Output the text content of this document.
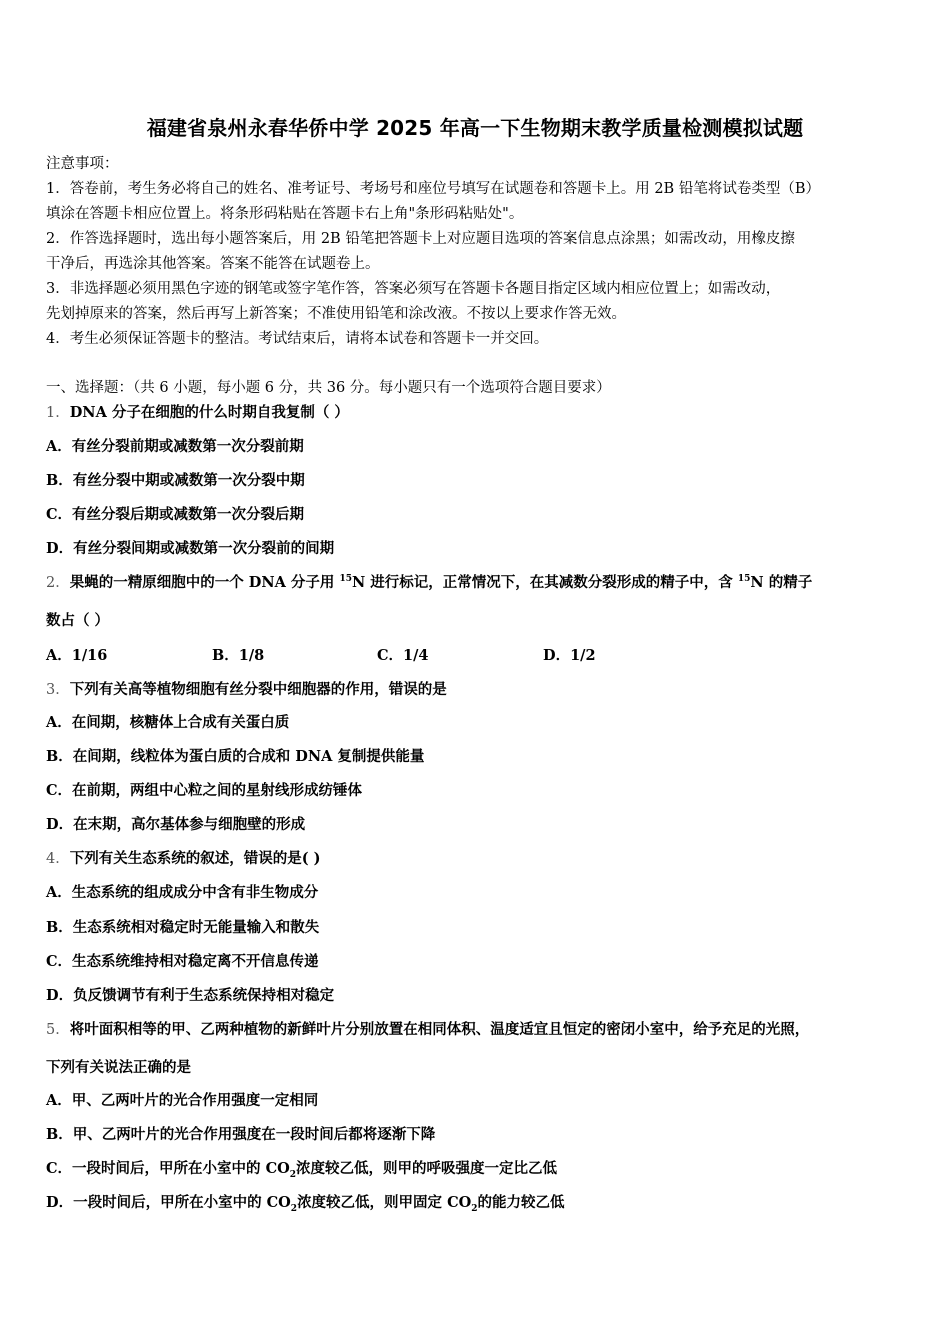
福建省泉州永春华侨中学 2025 年高一下生物期末教学质量检测模拟试题
注意事项：
1．答卷前，考生务必将自己的姓名、准考证号、考场号和座位号填写在试题卷和答题卡上。用 2B 铅笔将试卷类型（B）
填涂在答题卡相应位置上。将条形码粘贴在答题卡右上角"条形码粘贴处"。
2．作答选择题时，选出每小题答案后，用 2B 铅笔把答题卡上对应题目选项的答案信息点涂黑；如需改动，用橡皮擦
干净后，再选涂其他答案。答案不能答在试题卷上。
3．非选择题必须用黑色字迹的钢笔或签字笔作答，答案必须写在答题卡各题目指定区域内相应位置上；如需改动，
先划掉原来的答案，然后再写上新答案；不准使用铅笔和涂改液。不按以上要求作答无效。
4．考生必须保证答题卡的整洁。考试结束后，请将本试卷和答题卡一并交回。
一、选择题：（共 6 小题，每小题 6 分，共 36 分。每小题只有一个选项符合题目要求）
1．DNA 分子在细胞的什么时期自我复制（ ）
A．有丝分裂前期或减数第一次分裂前期
B．有丝分裂中期或减数第一次分裂中期
C．有丝分裂后期或减数第一次分裂后期
D．有丝分裂间期或减数第一次分裂前的间期
2．果蝇的一精原细胞中的一个 DNA 分子用 $^{15}$N 进行标记，正常情况下，在其减数分裂形成的精子中，含 $^{15}$N 的精子
数占（ ）
A．1/16	B．1/8	C．1/4	D．1/2
3．下列有关高等植物细胞有丝分裂中细胞器的作用，错误的是
A．在间期，核糖体上合成有关蛋白质
B．在间期，线粒体为蛋白质的合成和 DNA 复制提供能量
C．在前期，两组中心粒之间的星射线形成纺锤体
D．在末期，高尔基体参与细胞壁的形成
4．下列有关生态系统的叙述，错误的是( )
A．生态系统的组成成分中含有非生物成分
B．生态系统相对稳定时无能量输入和散失
C．生态系统维持相对稳定离不开信息传递
D．负反馈调节有利于生态系统保持相对稳定
5．将叶面积相等的甲、乙两种植物的新鲜叶片分别放置在相同体积、温度适宜且恒定的密闭小室中，给予充足的光照，
下列有关说法正确的是
A．甲、乙两叶片的光合作用强度一定相同
B．甲、乙两叶片的光合作用强度在一段时间后都将逐渐下降
C．一段时间后，甲所在小室中的 $CO_2$浓度较乙低，则甲的呼吸强度一定比乙低
D．一段时间后，甲所在小室中的 $CO_2$浓度较乙低，则甲固定 $CO_2$的能力较乙低
